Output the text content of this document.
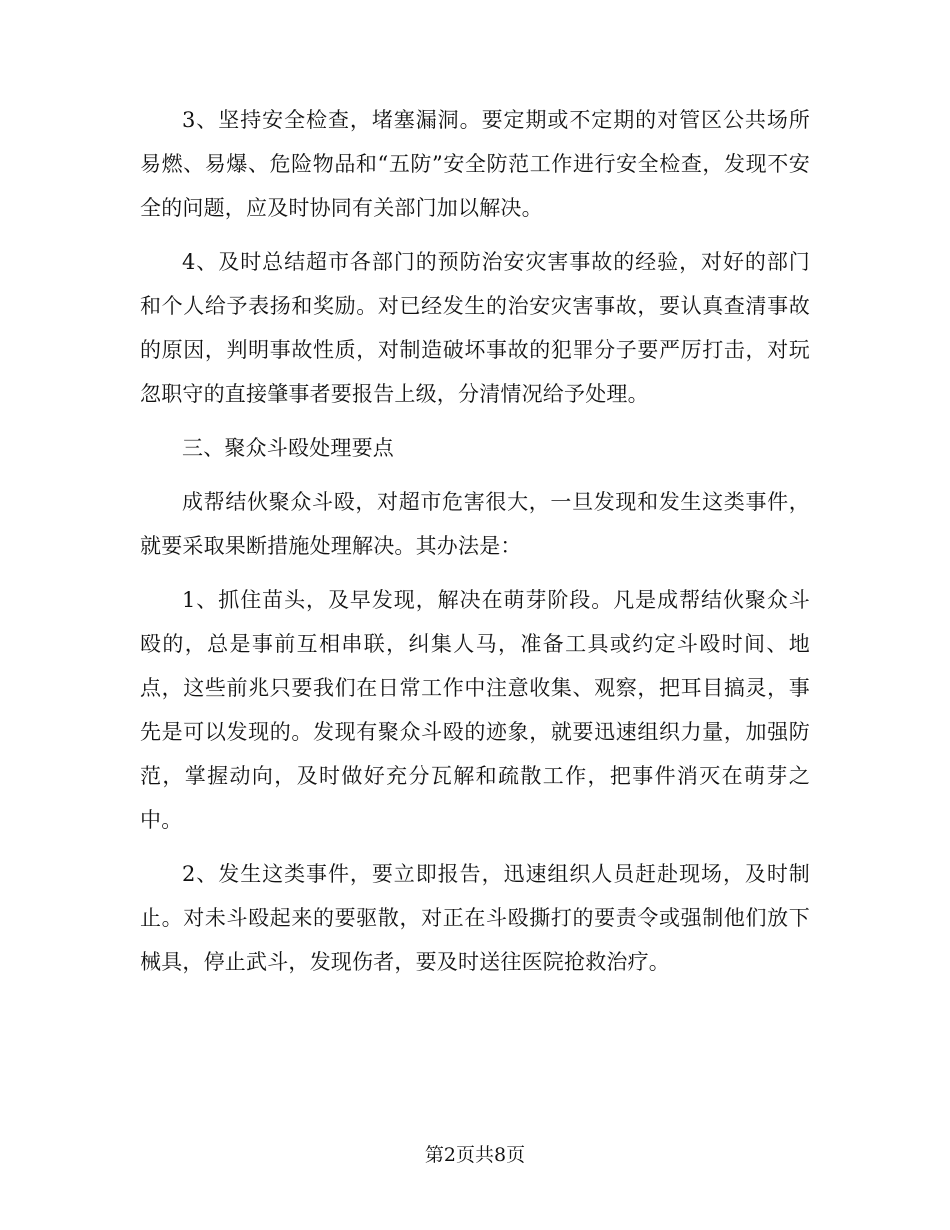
3、坚持安全检查，堵塞漏洞。要定期或不定期的对管区公共场所易燃、易爆、危险物品和“五防”安全防范工作进行安全检查，发现不安全的问题，应及时协同有关部门加以解决。

4、及时总结超市各部门的预防治安灾害事故的经验，对好的部门和个人给予表扬和奖励。对已经发生的治安灾害事故，要认真查清事故的原因，判明事故性质，对制造破坏事故的犯罪分子要严厉打击，对玩忽职守的直接肇事者要报告上级，分清情况给予处理。

三、聚众斗殴处理要点

成帮结伙聚众斗殴，对超市危害很大，一旦发现和发生这类事件，就要采取果断措施处理解决。其办法是：

1、抓住苗头，及早发现，解决在萌芽阶段。凡是成帮结伙聚众斗殴的，总是事前互相串联，纠集人马，准备工具或约定斗殴时间、地点，这些前兆只要我们在日常工作中注意收集、观察，把耳目搞灵，事先是可以发现的。发现有聚众斗殴的迹象，就要迅速组织力量，加强防范，掌握动向，及时做好充分瓦解和疏散工作，把事件消灭在萌芽之中。

2、发生这类事件，要立即报告，迅速组织人员赶赴现场，及时制止。对未斗殴起来的要驱散，对正在斗殴撕打的要责令或强制他们放下械具，停止武斗，发现伤者，要及时送往医院抢救治疗。

第2页共8页
